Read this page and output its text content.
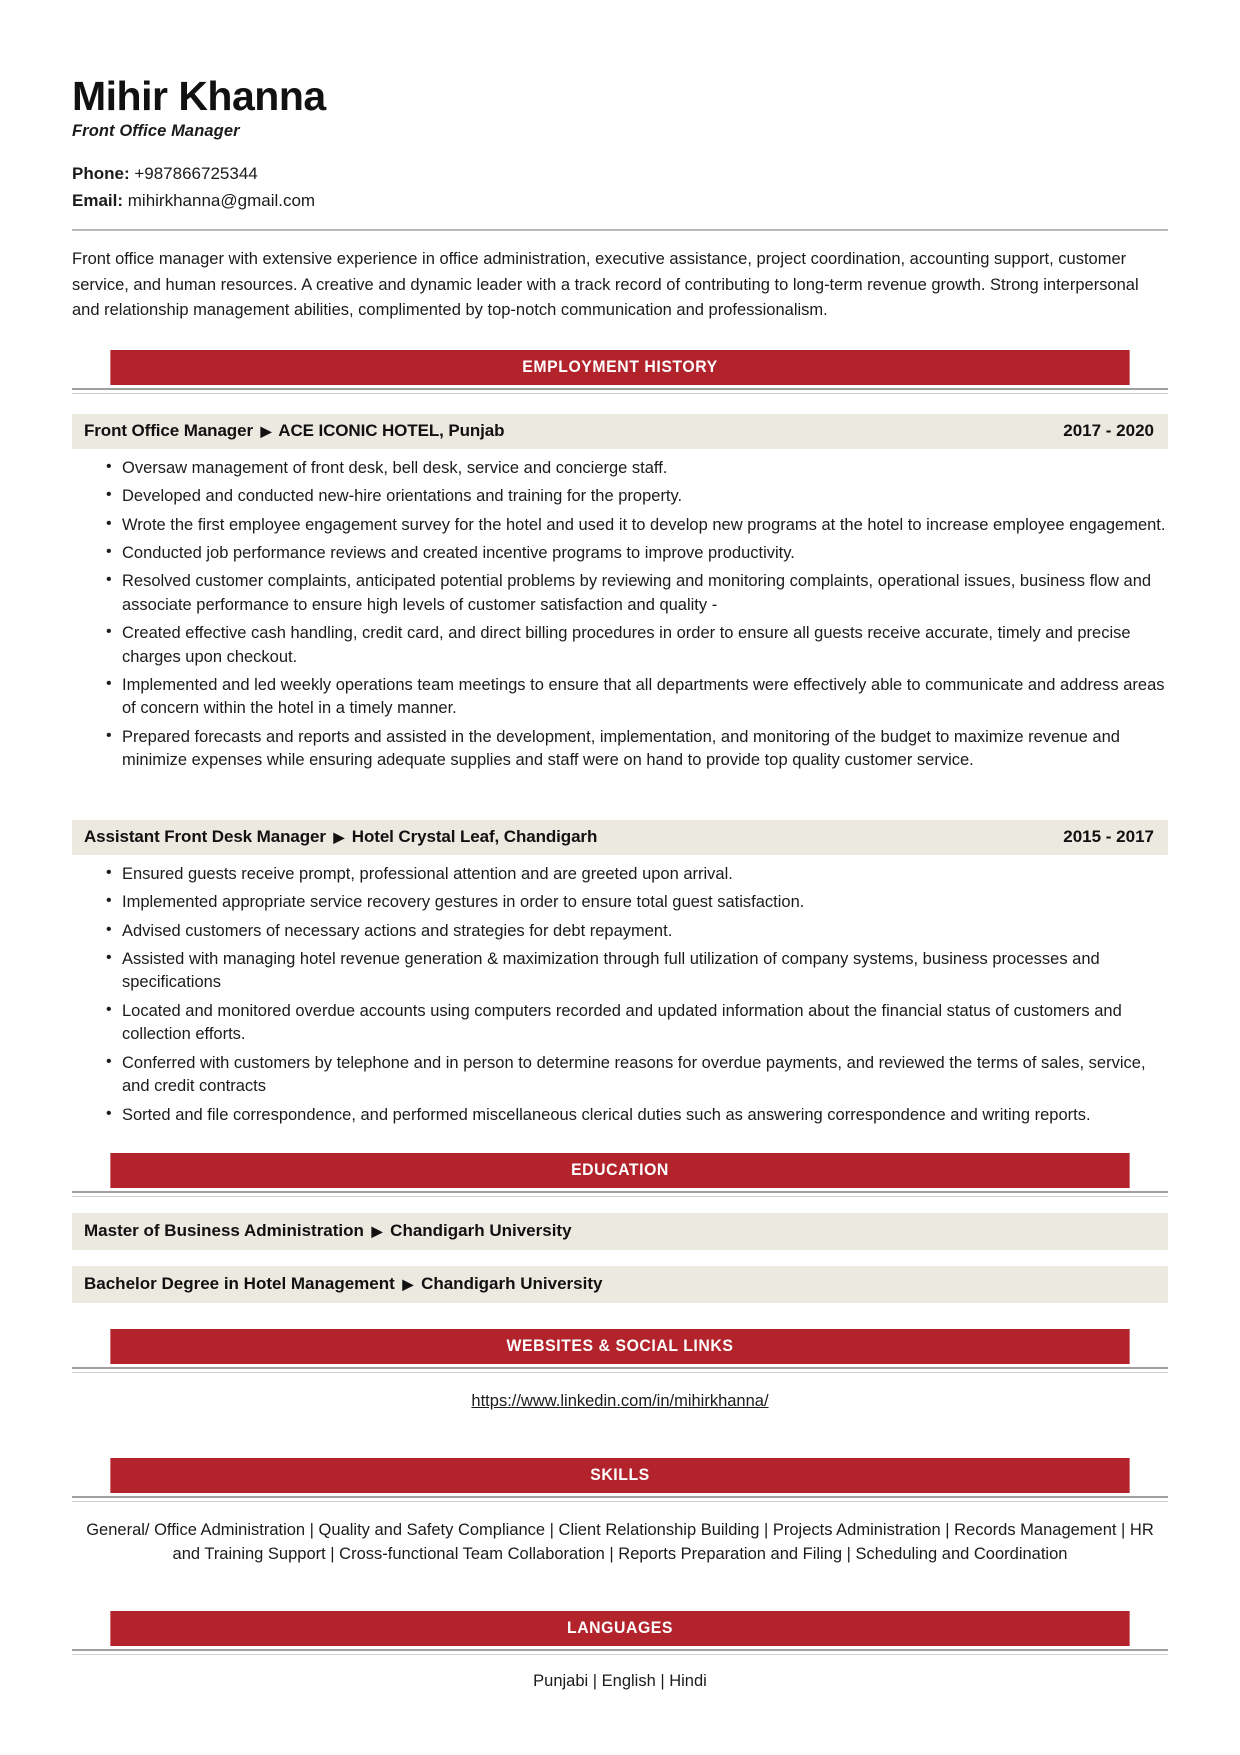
Mihir Khanna
Front Office Manager
Phone: +987866725344
Email: mihirkhanna@gmail.com
Front office manager with extensive experience in office administration, executive assistance, project coordination, accounting support, customer service, and human resources. A creative and dynamic leader with a track record of contributing to long-term revenue growth. Strong interpersonal and relationship management abilities, complimented by top-notch communication and professionalism.
EMPLOYMENT HISTORY
Front Office Manager ▶ ACE ICONIC HOTEL, Punjab	2017 - 2020
• Oversaw management of front desk, bell desk, service and concierge staff.
• Developed and conducted new-hire orientations and training for the property.
• Wrote the first employee engagement survey for the hotel and used it to develop new programs at the hotel to increase employee engagement.
• Conducted job performance reviews and created incentive programs to improve productivity.
• Resolved customer complaints, anticipated potential problems by reviewing and monitoring complaints, operational issues, business flow and associate performance to ensure high levels of customer satisfaction and quality -
• Created effective cash handling, credit card, and direct billing procedures in order to ensure all guests receive accurate, timely and precise charges upon checkout.
• Implemented and led weekly operations team meetings to ensure that all departments were effectively able to communicate and address areas of concern within the hotel in a timely manner.
• Prepared forecasts and reports and assisted in the development, implementation, and monitoring of the budget to maximize revenue and minimize expenses while ensuring adequate supplies and staff were on hand to provide top quality customer service.
Assistant Front Desk Manager ▶ Hotel Crystal Leaf, Chandigarh	2015 - 2017
• Ensured guests receive prompt, professional attention and are greeted upon arrival.
• Implemented appropriate service recovery gestures in order to ensure total guest satisfaction.
• Advised customers of necessary actions and strategies for debt repayment.
• Assisted with managing hotel revenue generation & maximization through full utilization of company systems, business processes and specifications
• Located and monitored overdue accounts using computers recorded and updated information about the financial status of customers and collection efforts.
• Conferred with customers by telephone and in person to determine reasons for overdue payments, and reviewed the terms of sales, service, and credit contracts
• Sorted and file correspondence, and performed miscellaneous clerical duties such as answering correspondence and writing reports.
EDUCATION
Master of Business Administration ▶ Chandigarh University
Bachelor Degree in Hotel Management ▶ Chandigarh University
WEBSITES & SOCIAL LINKS
https://www.linkedin.com/in/mihirkhanna/
SKILLS
General/ Office Administration | Quality and Safety Compliance | Client Relationship Building | Projects Administration | Records Management | HR and Training Support | Cross-functional Team Collaboration | Reports Preparation and Filing | Scheduling and Coordination
LANGUAGES
Punjabi | English | Hindi
